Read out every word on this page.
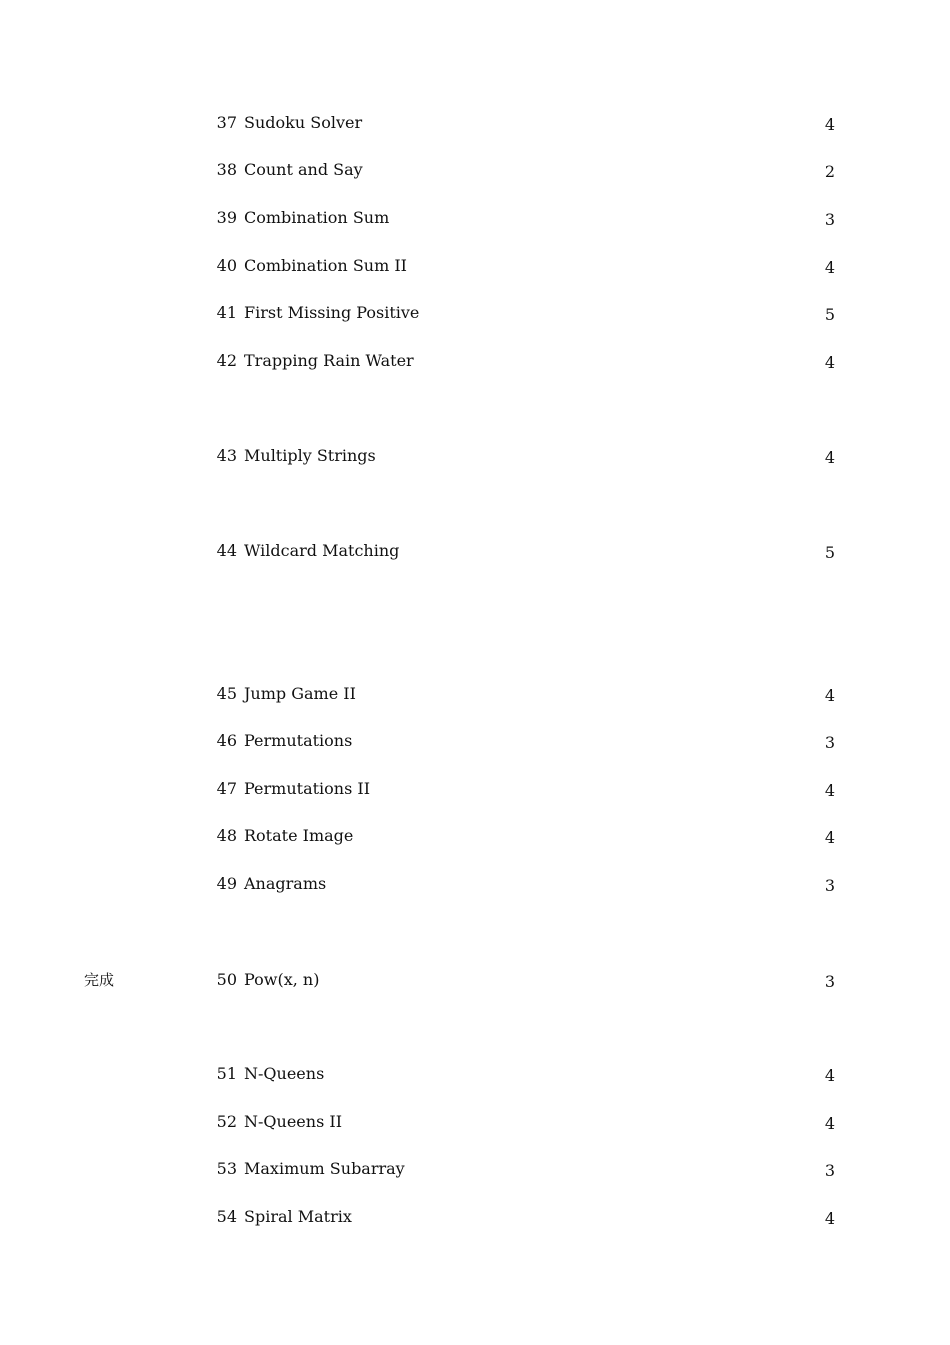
37 Sudoku Solver	4
38 Count and Say	2
39 Combination Sum	3
40 Combination Sum II	4
41 First Missing Positive	5
42 Trapping Rain Water	4
43 Multiply Strings	4
44 Wildcard Matching	5
45 Jump Game II	4
46 Permutations	3
47 Permutations II	4
48 Rotate Image	4
49 Anagrams	3
完成	50 Pow(x, n)	3
51 N-Queens	4
52 N-Queens II	4
53 Maximum Subarray	3
54 Spiral Matrix	4
